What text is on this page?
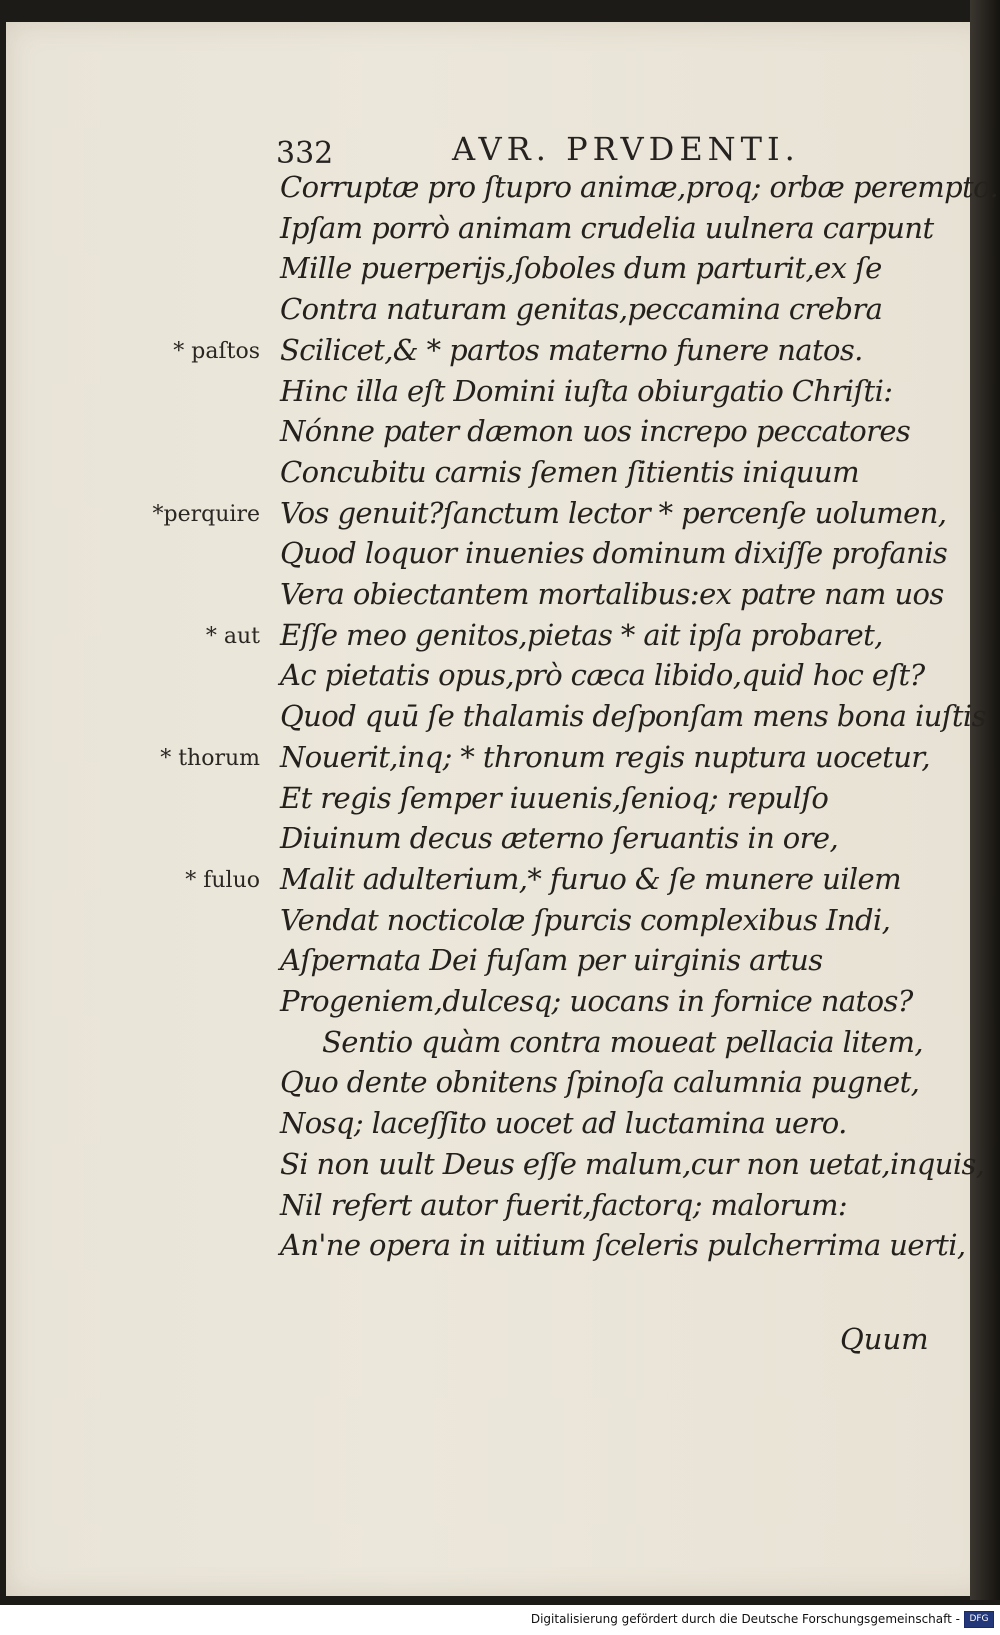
332	AVR. PRVDENTI.
Corruptæ pro ſtupro animæ,proq; orbæ perempto.
Ipſam porrò animam crudelia uulnera carpunt
Mille puerperijs,ſoboles dum parturit,ex ſe
Contra naturam genitas,peccamina crebra
Scilicet,& * partos materno funere natos.
Hinc illa eſt Domini iuſta obiurgatio Chriſti:
Nónne pater dæmon uos increpo peccatores
Concubitu carnis ſemen ſitientis iniquum
Vos genuit?ſanctum lector * percenſe uolumen,
Quod loquor inuenies dominum dixiſſe profanis
Vera obiectantem mortalibus:ex patre nam uos
Eſſe meo genitos,pietas * ait ipſa probaret,
Ac pietatis opus,prò cæca libido,quid hoc eſt?
Quod quū ſe thalamis deſponſam mens bona iuſtis
Nouerit,inq; * thronum regis nuptura uocetur,
Et regis ſemper iuuenis,ſenioq; repulſo
Diuinum decus æterno ſeruantis in ore,
Malit adulterium,* furuo & ſe munere uilem
Vendat nocticolæ ſpurcis complexibus Indi,
Aſpernata Dei fuſam per uirginis artus
Progeniem,dulcesq; uocans in fornice natos?
Sentio quàm contra moueat pellacia litem,
Quo dente obnitens ſpinoſa calumnia pugnet,
Nosq; laceſſito uocet ad luctamina uero.
Si non uult Deus eſſe malum,cur non uetat,inquis,
Nil refert autor fuerit,factorq; malorum:
An'ne opera in uitium ſceleris pulcherrima uerti,
* paſtos
*perquire
* aut
* thorum
* fuluo
Quum
Digitalisierung gefördert durch die Deutsche Forschungsgemeinschaft -	DFG
